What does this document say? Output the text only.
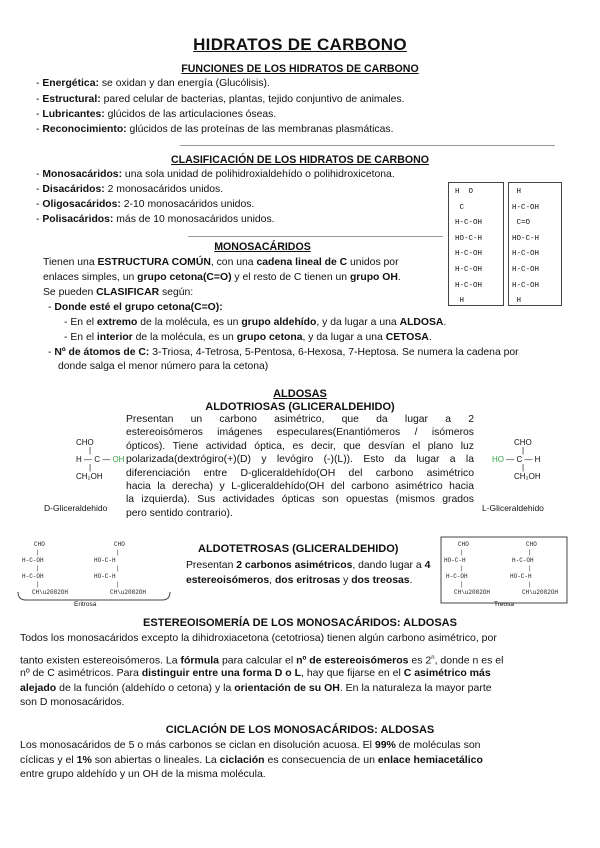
HIDRATOS DE CARBONO
FUNCIONES DE LOS HIDRATOS DE CARBONO
- Energética: se oxidan y dan energía (Glucólisis).
- Estructural: pared celular de bacterias, plantas, tejido conjuntivo de animales.
- Lubricantes: glúcidos de las articulaciones óseas.
- Reconocimiento: glúcidos de las proteínas de las membranas plasmáticas.
CLASIFICACIÓN DE LOS HIDRATOS DE CARBONO
- Monosacáridos: una sola unidad de polihidroxialdehído o polihidroxicetona.
- Disacáridos: 2 monosacáridos unidos.
- Oligosacáridos: 2-10 monosacáridos unidos.
- Polisacáridos: más de 10 monosacáridos unidos.
H  O
C
H-C-OH
HO-C-H
H-C-OH
H-C-OH
H-C-OH
H
H
H-C-OH
C=O
HO-C-H
H-C-OH
H-C-OH
H-C-OH
H
MONOSACÁRIDOS
Tienen una ESTRUCTURA COMÚN, con una cadena lineal de C unidos por
enlaces simples, un grupo cetona(C=O) y el resto de C tienen un grupo OH.
Se pueden CLASIFICAR según:
- Donde esté el grupo cetona(C=O):
- En el extremo de la molécula, es un grupo aldehído, y da lugar a una ALDOSA.
- En el interior de la molécula, es un grupo cetona, y da lugar a una CETOSA.
- Nº de átomos de C: 3-Triosa, 4-Tetrosa, 5-Pentosa, 6-Hexosa, 7-Heptosa. Se numera la cadena por
donde salga el menor número para la cetona)
ALDOSAS
ALDOTRIOSAS (GLICERALDEHIDO)
CHO
|
H — C — OH
|
CH₂OH
D-Gliceraldehido
CHO
|
HO — C — H
|
CH₂OH
L-Gliceraldehido
Presentan un carbono asimétrico, que da lugar a 2
estereoisómeros imágenes especulares(Enantiómeros / isómeros
ópticos). Tiene actividad óptica, es decir, que desvían el plano luz
polarizada(dextrógiro(+)(D) y levógiro (-)(L)). Esto da lugar a la
diferenciación entre D-gliceraldehído(OH del carbono asimétrico
hacia la derecha) y L-gliceraldehído(OH del carbono asimétrico hacia
la izquierda). Sus actividades ópticas son opuestas (mismos grados
pero sentido contrario).
ALDOTETROSAS (GLICERALDEHIDO)
Presentan 2 carbonos asimétricos, dando lugar a 4
estereoisómeros, dos eritrosas y dos treosas.
CHO
|
H-C-OH
|
H-C-OH
|
CH\u2082OH
CHO
|
HO-C-H
|
HO-C-H
|
CH\u2082OH
Eritrosa
CHO
|
HO-C-H
|
H-C-OH
|
CH\u2082OH
CHO
|
H-C-OH
|
HO-C-H
|
CH\u2082OH
Treosa
ESTEREOISOMERÍA DE LOS MONOSACÁRIDOS: ALDOSAS
Todos los monosacáridos excepto la dihidroxiacetona (cetotriosa) tienen algún carbono asimétrico, por
tanto existen estereoisómeros. La fórmula para calcular el nº de estereoisómeros es 2$^n$, donde n es el
nº de C asimétricos. Para distinguir entre una forma D o L, hay que fijarse en el C asimétrico más
alejado de la función (aldehído o cetona) y la orientación de su OH. En la naturaleza la mayor parte
son D monosacáridos.
CICLACIÓN DE LOS MONOSACÁRIDOS: ALDOSAS
Los monosacáridos de 5 o más carbonos se ciclan en disolución acuosa. El 99% de moléculas son
cíclicas y el 1% son abiertas o lineales. La ciclación es consecuencia de un enlace hemiacetálico
entre grupo aldehído y un OH de la misma molécula.
